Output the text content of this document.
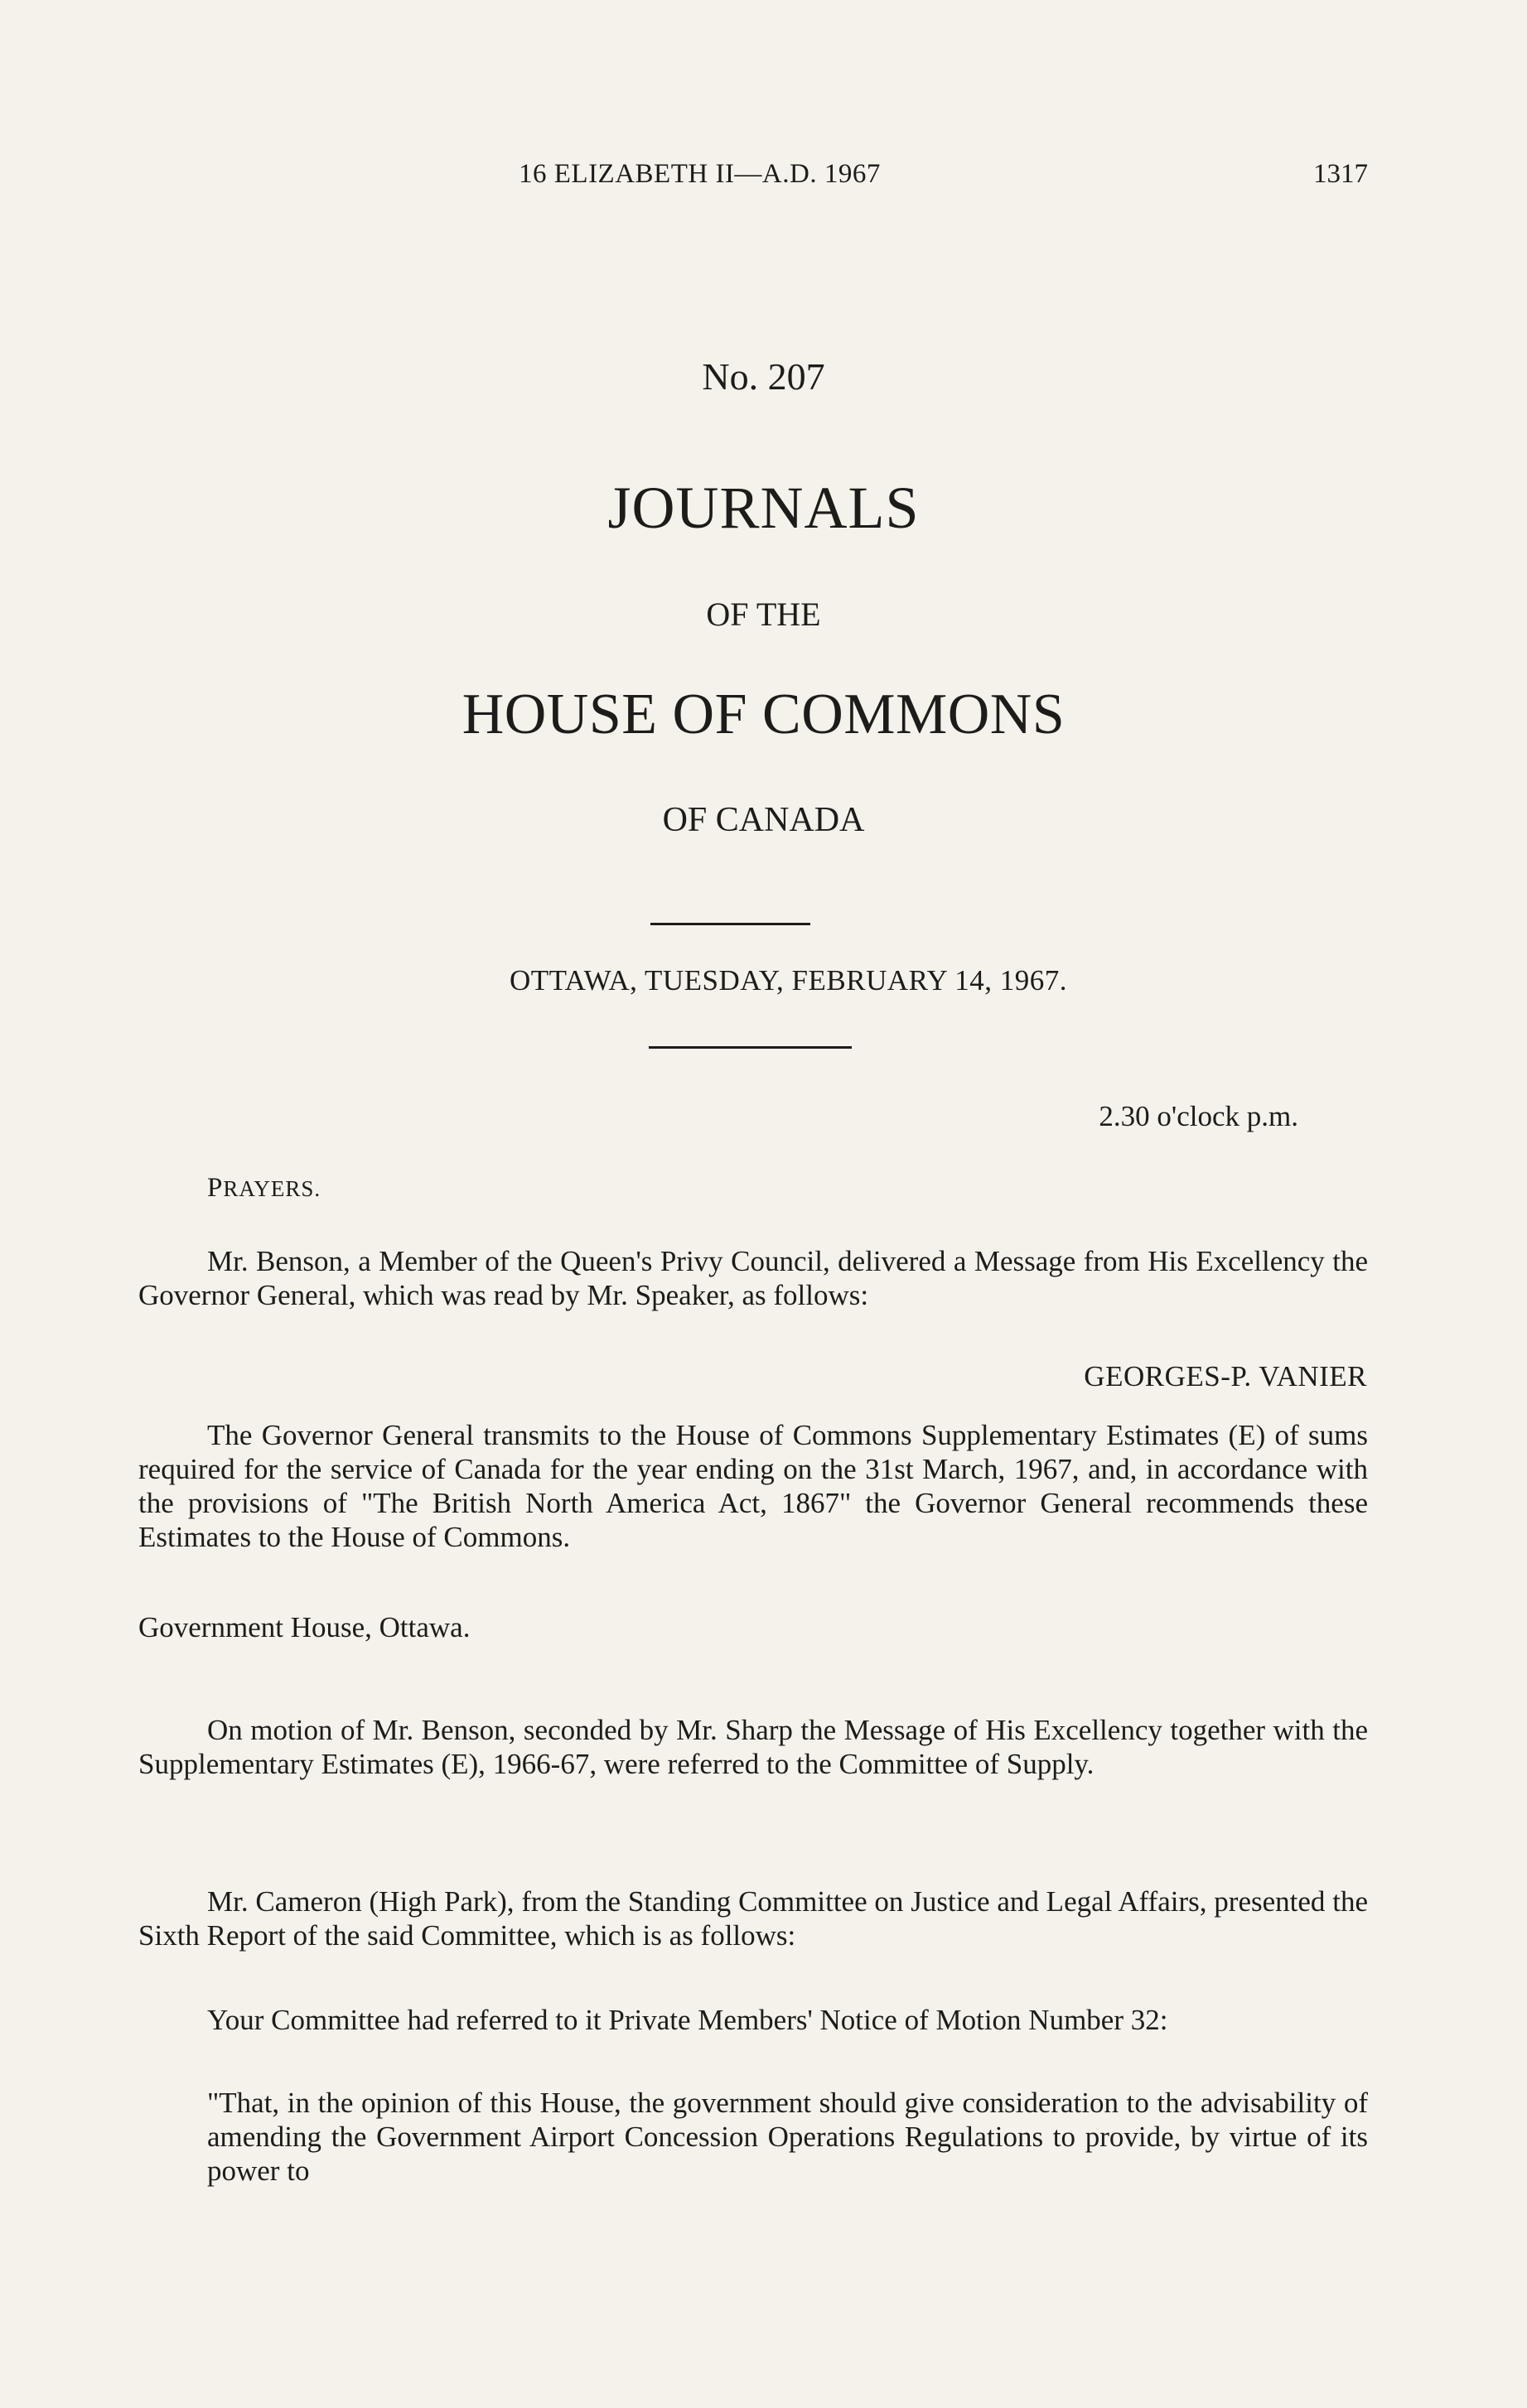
16 ELIZABETH II—A.D. 1967	1317
No. 207
JOURNALS
OF THE
HOUSE OF COMMONS
OF CANADA
OTTAWA, TUESDAY, FEBRUARY 14, 1967.
2.30 o'clock p.m.
PRAYERS.
Mr. Benson, a Member of the Queen's Privy Council, delivered a Message from His Excellency the Governor General, which was read by Mr. Speaker, as follows:
GEORGES-P. VANIER
The Governor General transmits to the House of Commons Supplementary Estimates (E) of sums required for the service of Canada for the year ending on the 31st March, 1967, and, in accordance with the provisions of "The British North America Act, 1867" the Governor General recommends these Estimates to the House of Commons.
Government House, Ottawa.
On motion of Mr. Benson, seconded by Mr. Sharp the Message of His Excellency together with the Supplementary Estimates (E), 1966-67, were referred to the Committee of Supply.
Mr. Cameron (High Park), from the Standing Committee on Justice and Legal Affairs, presented the Sixth Report of the said Committee, which is as follows:
Your Committee had referred to it Private Members' Notice of Motion Number 32:
"That, in the opinion of this House, the government should give consideration to the advisability of amending the Government Airport Concession Operations Regulations to provide, by virtue of its power to
